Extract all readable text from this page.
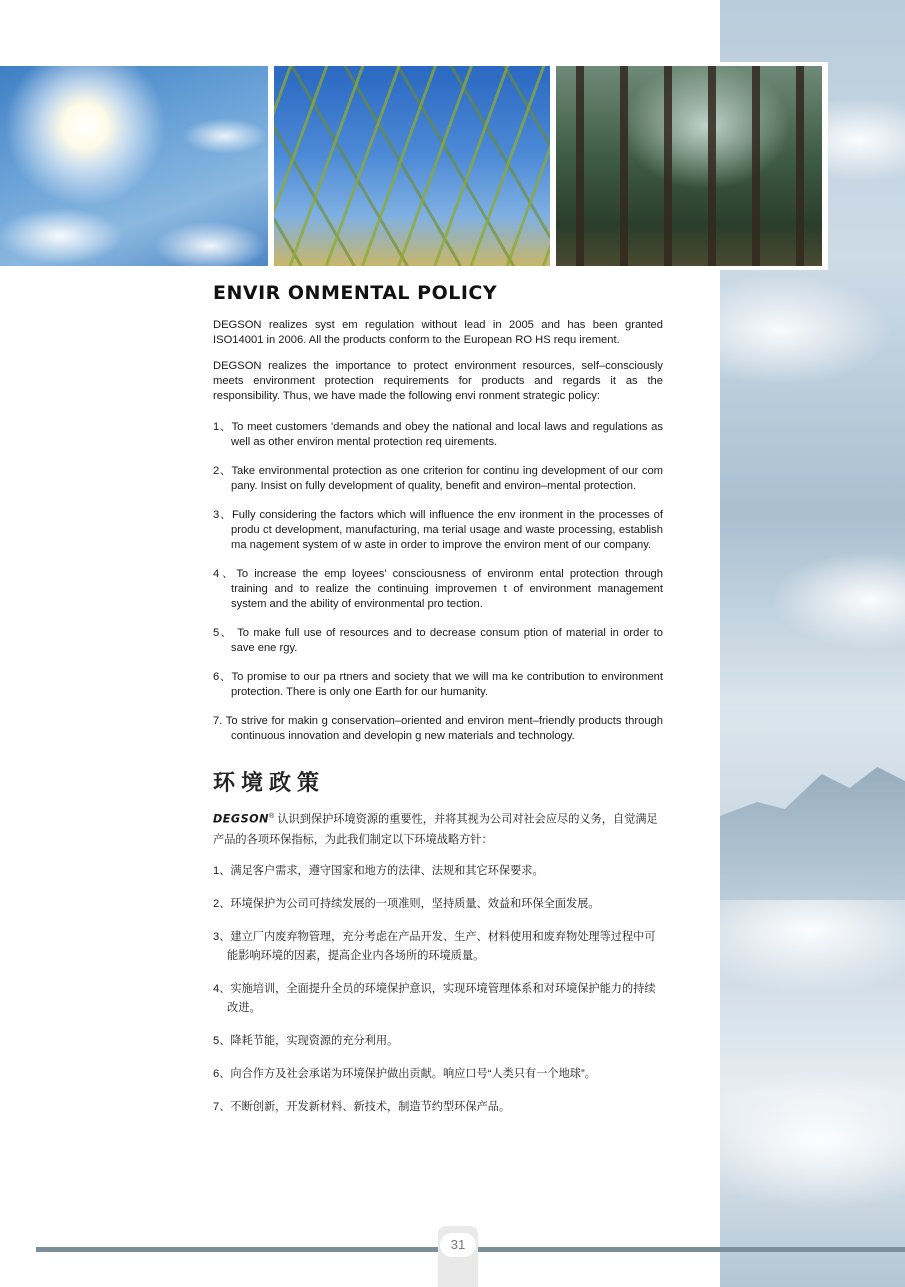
ENVIR ONMENTAL POLICY

DEGSON realizes syst em regulation without lead in 2005 and has been granted ISO14001 in 2006. All the products conform to the European RO HS requ irement.

DEGSON realizes the importance to protect environment resources, self–consciously meets environment protection requirements for products and regards it as the responsibility. Thus, we have made the following envi ronment strategic policy:

1、To meet customers 'demands and obey the national and local laws and regulations as well as other environ mental protection req uirements.

2、Take environmental protection as one criterion for continu ing development of our com pany. Insist on fully development of quality, benefit and environ–mental protection.

3、Fully considering the factors which will influence the env ironment in the processes of produ ct development, manufacturing, ma terial usage and waste processing, establish ma nagement system of w aste in order to improve the environ ment of our company.

4、To increase the emp loyees' consciousness of environm ental protection through training and to realize the continuing improvemen t of environment management system and the ability of environmental pro tection.

5、 To make full use of resources and to decrease consum ption of material in order to save ene rgy.

6、To promise to our pa rtners and society that we will ma ke contribution to environment protection. There is only one Earth for our humanity.

7. To strive for makin g conservation–oriented and environ ment–friendly products through continuous innovation and developin g new materials and technology.

环境政策

DEGSON® 认识到保护环境资源的重要性，并将其视为公司对社会应尽的义务，自觉满足产品的各项环保指标，为此我们制定以下环境战略方针：

1、满足客户需求，遵守国家和地方的法律、法规和其它环保要求。

2、环境保护为公司可持续发展的一项准则，坚持质量、效益和环保全面发展。

3、建立厂内废弃物管理，充分考虑在产品开发、生产、材料使用和废弃物处理等过程中可能影响环境的因素，提高企业内各场所的环境质量。

4、实施培训，全面提升全员的环境保护意识，实现环境管理体系和对环境保护能力的持续改进。

5、降耗节能，实现资源的充分利用。

6、向合作方及社会承诺为环境保护做出贡献。响应口号“人类只有一个地球”。

7、不断创新，开发新材料、新技术，制造节约型环保产品。

31
